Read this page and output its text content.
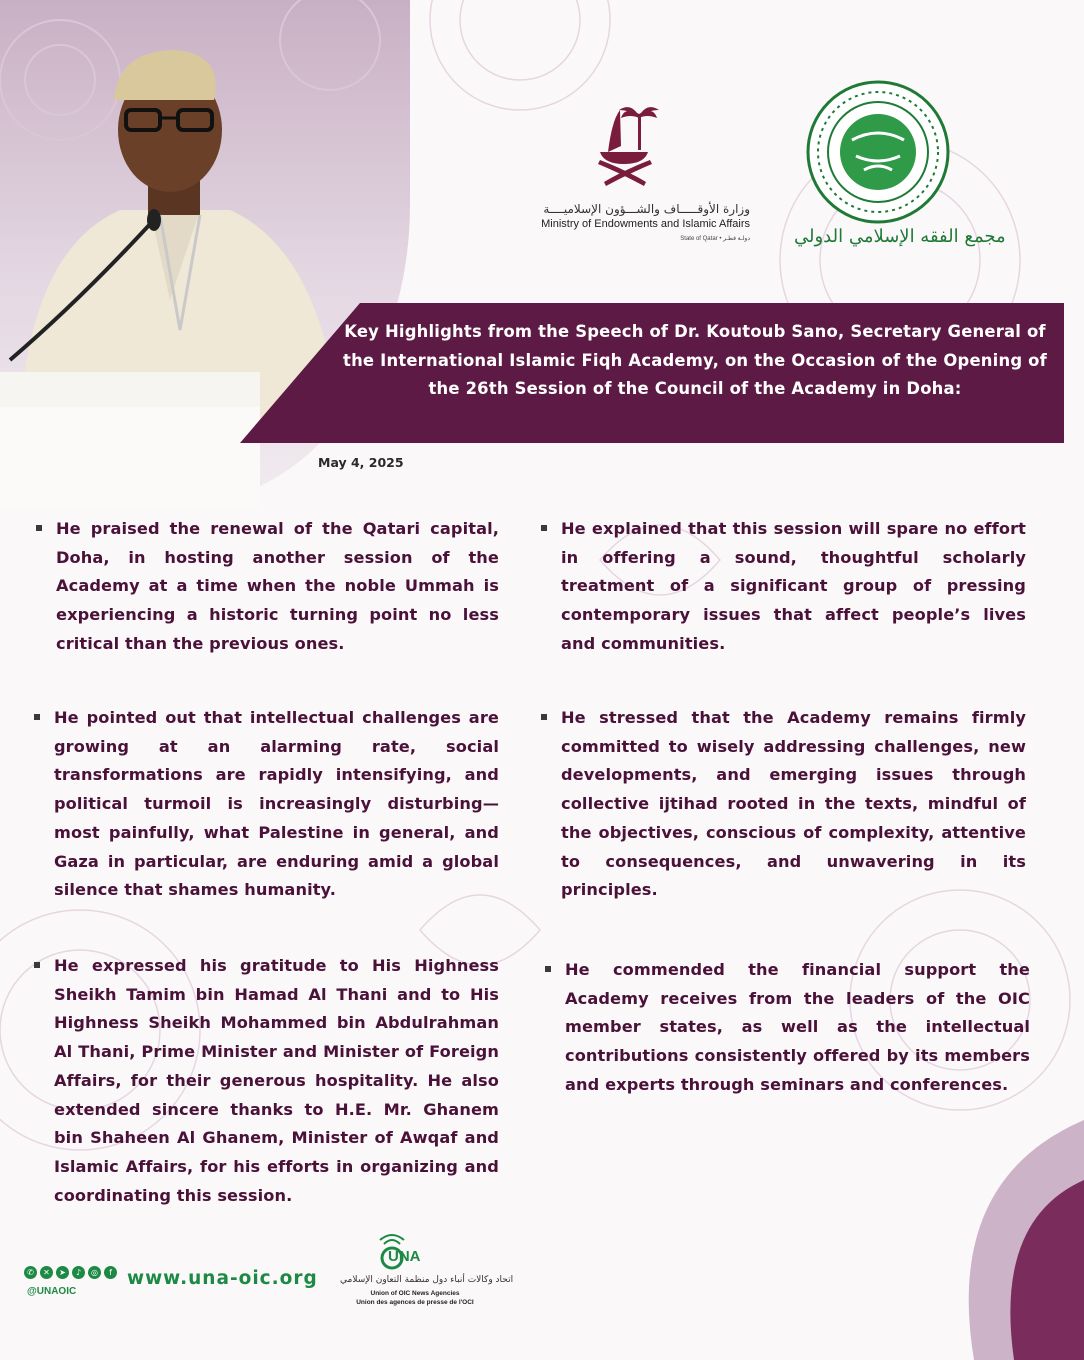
وزارة الأوقـــــاف والشـــؤون الإسلاميــــة
Ministry of Endowments and Islamic Affairs
State of Qatar • دولـة قطـر مجمع الفقه الإسلامي الدولي
Key Highlights from the Speech of Dr. Koutoub Sano, Secretary General of the International Islamic Fiqh Academy, on the Occasion of the Opening of the 26th Session of the Council of the Academy in Doha:
May 4, 2025
He praised the renewal of the Qatari capital, Doha, in hosting another session of the Academy at a time when the noble Ummah is experiencing a historic turning point no less critical than the previous ones.
He explained that this session will spare no effort in offering a sound, thoughtful scholarly treatment of a significant group of pressing contemporary issues that affect people’s lives and communities.
He pointed out that intellectual challenges are growing at an alarming rate, social transformations are rapidly intensifying, and political turmoil is increasingly disturbing—most painfully, what Palestine in general, and Gaza in particular, are enduring amid a global silence that shames humanity.
He stressed that the Academy remains firmly committed to wisely addressing challenges, new developments, and emerging issues through collective ijtihad rooted in the texts, mindful of the objectives, conscious of complexity, attentive to consequences, and unwavering in its principles.
He expressed his gratitude to His Highness Sheikh Tamim bin Hamad Al Thani and to His Highness Sheikh Mohammed bin Abdulrahman Al Thani, Prime Minister and Minister of Foreign Affairs, for their generous hospitality. He also extended sincere thanks to H.E. Mr. Ghanem bin Shaheen Al Ghanem, Minister of Awqaf and Islamic Affairs, for his efforts in organizing and coordinating this session.
He commended the financial support the Academy receives from the leaders of the OIC member states, as well as the intellectual contributions consistently offered by its members and experts through seminars and conferences.
✆	✕	➤	♪	◎	f
@UNAOIC
www.una-oic.org
UNA
اتحاد وكالات أنباء دول منظمة التعاون الإسلامي
Union of OIC News Agencies
Union des agences de presse de l'OCI
